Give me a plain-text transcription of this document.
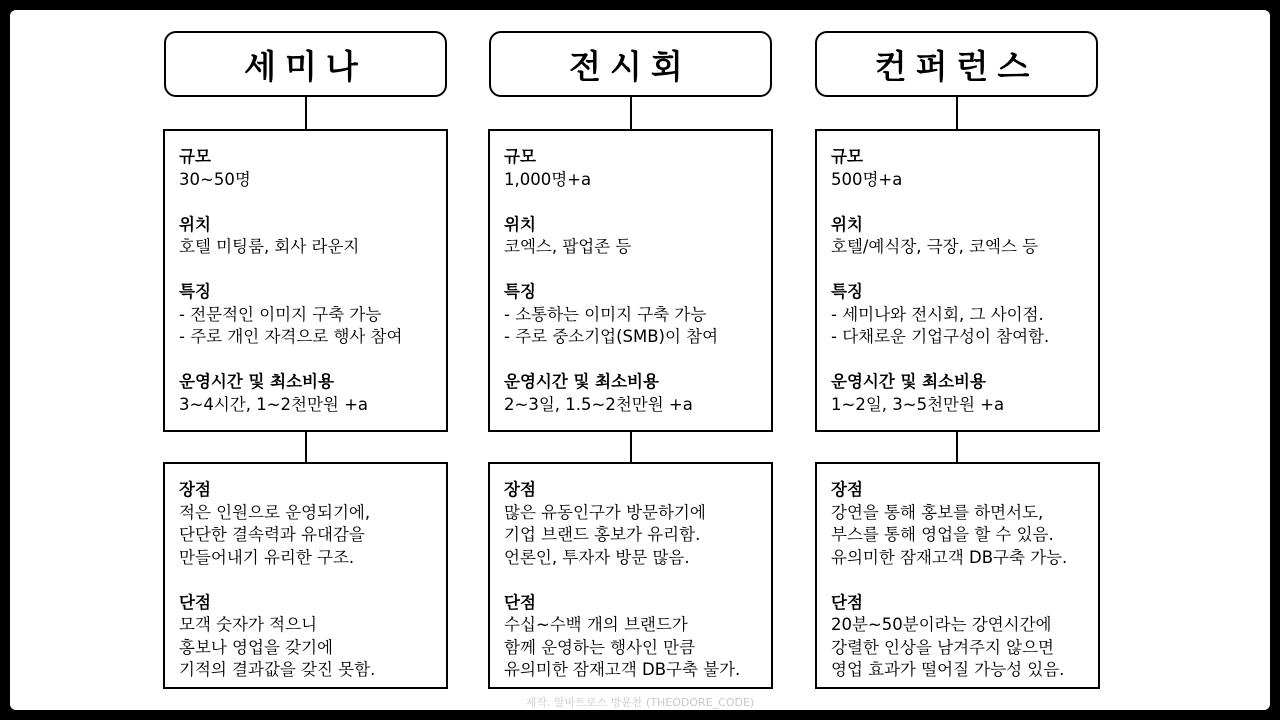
세미나
규모
30~50명
위치
호텔 미팅룸, 회사 라운지
특징
- 전문적인 이미지 구축 가능
- 주로 개인 자격으로 행사 참여
운영시간 및 최소비용
3~4시간, 1~2천만원 +a
장점
적은 인원으로 운영되기에,
단단한 결속력과 유대감을
만들어내기 유리한 구조.
단점
모객 숫자가 적으니
홍보나 영업을 갖기에
기적의 결과값을 갖진 못함.
전시회
규모
1,000명+a
위치
코엑스, 팝업존 등
특징
- 소통하는 이미지 구축 가능
- 주로 중소기업(SMB)이 참여
운영시간 및 최소비용
2~3일, 1.5~2천만원 +a
장점
많은 유동인구가 방문하기에
기업 브랜드 홍보가 유리함.
언론인, 투자자 방문 많음.
단점
수십~수백 개의 브랜드가
함께 운영하는 행사인 만큼
유의미한 잠재고객 DB구축 불가.
컨퍼런스
규모
500명+a
위치
호텔/예식장, 극장, 코엑스 등
특징
- 세미나와 전시회, 그 사이점.
- 다채로운 기업구성이 참여함.
운영시간 및 최소비용
1~2일, 3~5천만원 +a
장점
강연을 통해 홍보를 하면서도,
부스를 통해 영업을 할 수 있음.
유의미한 잠재고객 DB구축 가능.
단점
20분~50분이라는 강연시간에
강렬한 인상을 남겨주지 않으면
영업 효과가 떨어질 가능성 있음.
제작. 알바트로스 방윤찬 (THEODORE_CODE)
